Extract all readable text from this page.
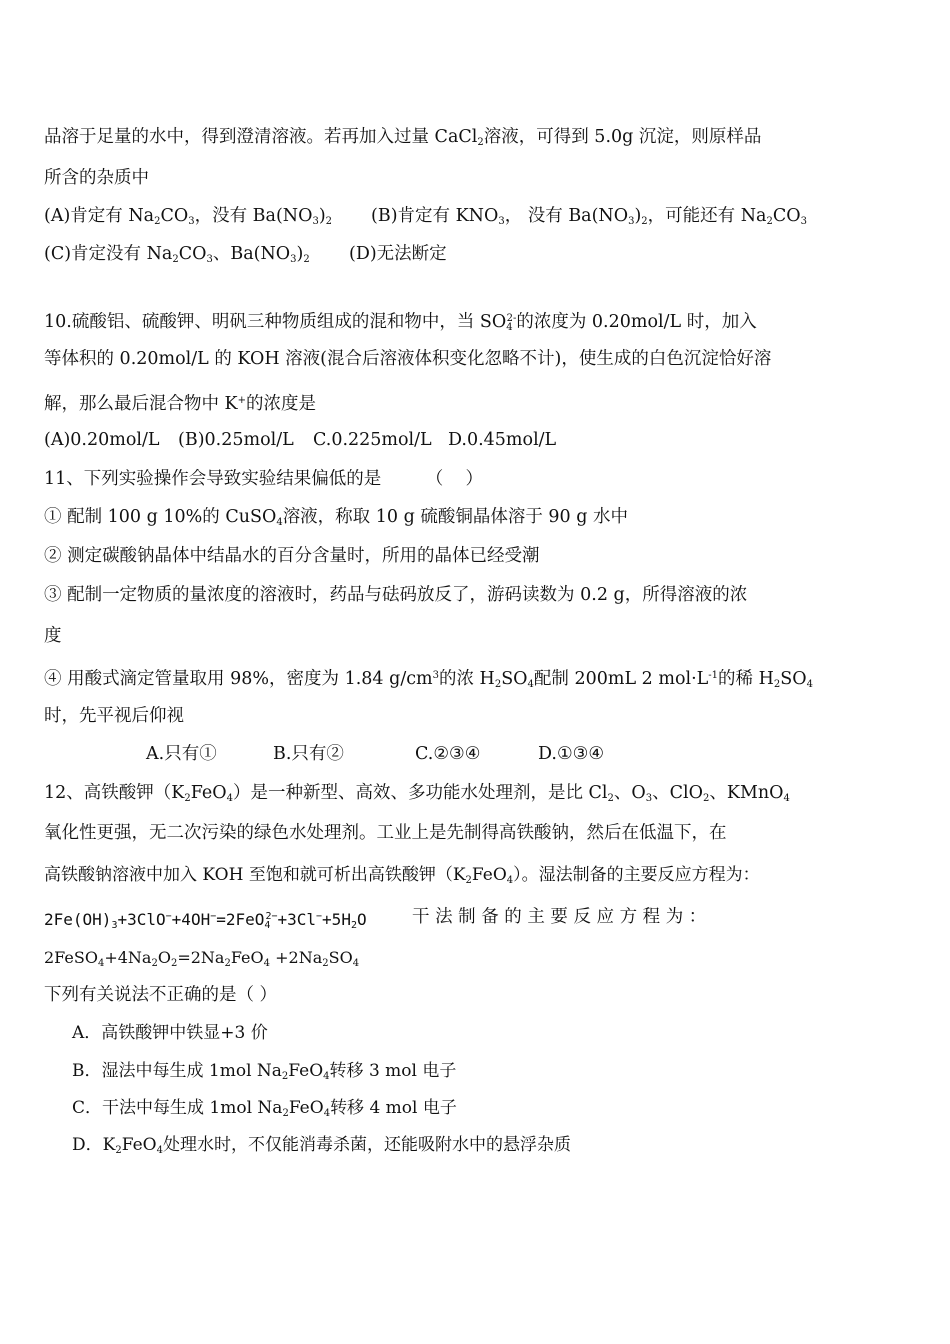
品溶于足量的水中，得到澄清溶液。若再加入过量 CaCl$_2$溶液，可得到 5.0g 沉淀，则原样品
所含的杂质中
(A)肯定有 $Na_2CO_3$，没有 $Ba(NO_3)_2$ (B)肯定有 $KNO_3$， 没有 $Ba(NO_3)_2$，可能还有 $Na_2CO_3$
(C)肯定没有 $Na_2CO_3$、$Ba(NO_3)_2$ (D)无法断定
10.硫酸铝、硫酸钾、明矾三种物质组成的混和物中，当 $SO_4^{2-}$的浓度为 0.20mol/L 时，加入
等体积的 0.20mol/L 的 KOH 溶液(混合后溶液体积变化忽略不计)，使生成的白色沉淀恰好溶
解，那么最后混合物中 K+的浓度是
(A)0.20mol/L (B)0.25mol/L C.0.225mol/L D.0.45mol/L
11、下列实验操作会导致实验结果偏低的是        （    ）
① 配制 100 g 10%的 CuSO$_4$溶液，称取 10 g 硫酸铜晶体溶于 90 g 水中
② 测定碳酸钠晶体中结晶水的百分含量时，所用的晶体已经受潮
③ 配制一定物质的量浓度的溶液时，药品与砝码放反了，游码读数为 0.2 g，所得溶液的浓
度
④ 用酸式滴定管量取用 98%，密度为 1.84 $g/cm^3$的浓 $H_2SO_4$配制 200mL 2 $mol\cdot L^{-1}$的稀 $H_2SO_4$
时，先平视后仰视
A.只有①	B.只有②	C.②③④	D.①③④
12、高铁酸钾$(K_2FeO_4)$是一种新型、高效、多功能水处理剂，是比 $Cl_2$、$O_3$、ClO$_2$、KMnO$_4$
氧化性更强，无二次污染的绿色水处理剂。工业上是先制得高铁酸钠，然后在低温下，在
高铁酸钠溶液中加入 KOH 至饱和就可析出高铁酸钾$(K_2FeO_4)$。湿法制备的主要反应方程为：
$2Fe(OH)_3+3ClO^-+4OH^-=2FeO_4^{2-}+3Cl^-+5H_2O$	干 法 制 备 的 主 要 反 应 方 程 为 ：
$2FeSO_4+4Na_2O_2=2Na_2FeO_4 +2Na_2SO_4$
下列有关说法不正确的是（ ）
A．高铁酸钾中铁显+3 价
B．湿法中每生成 1mol $Na_2FeO_4$转移 3 mol 电子
C．干法中每生成 1mol $Na_2FeO_4$转移 4 mol 电子
D．$K_2FeO_4$处理水时，不仅能消毒杀菌，还能吸附水中的悬浮杂质
